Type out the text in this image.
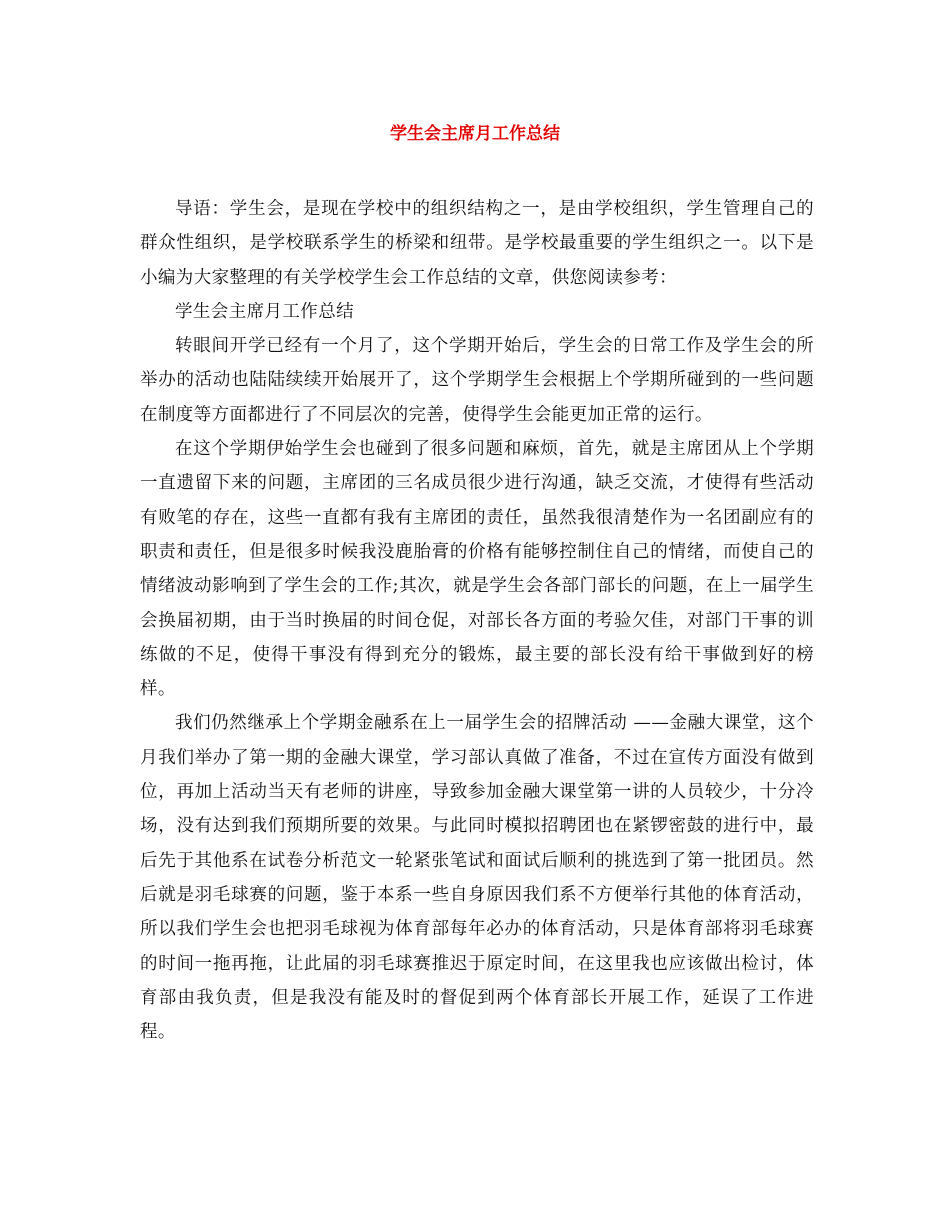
学生会主席月工作总结

导语：学生会，是现在学校中的组织结构之一，是由学校组织，学生管理自己的群众性组织，是学校联系学生的桥梁和纽带。是学校最重要的学生组织之一。以下是小编为大家整理的有关学校学生会工作总结的文章，供您阅读参考：

学生会主席月工作总结

转眼间开学已经有一个月了，这个学期开始后，学生会的日常工作及学生会的所举办的活动也陆陆续续开始展开了，这个学期学生会根据上个学期所碰到的一些问题在制度等方面都进行了不同层次的完善，使得学生会能更加正常的运行。

在这个学期伊始学生会也碰到了很多问题和麻烦，首先，就是主席团从上个学期一直遗留下来的问题，主席团的三名成员很少进行沟通，缺乏交流，才使得有些活动有败笔的存在，这些一直都有我有主席团的责任，虽然我很清楚作为一名团副应有的职责和责任，但是很多时候我没鹿胎膏的价格有能够控制住自己的情绪，而使自己的情绪波动影响到了学生会的工作;其次，就是学生会各部门部长的问题，在上一届学生会换届初期，由于当时换届的时间仓促，对部长各方面的考验欠佳，对部门干事的训练做的不足，使得干事没有得到充分的锻炼，最主要的部长没有给干事做到好的榜样。

我们仍然继承上个学期金融系在上一届学生会的招牌活动 ——金融大课堂，这个月我们举办了第一期的金融大课堂，学习部认真做了准备，不过在宣传方面没有做到位，再加上活动当天有老师的讲座，导致参加金融大课堂第一讲的人员较少，十分冷场，没有达到我们预期所要的效果。与此同时模拟招聘团也在紧锣密鼓的进行中，最后先于其他系在试卷分析范文一轮紧张笔试和面试后顺利的挑选到了第一批团员。然后就是羽毛球赛的问题，鉴于本系一些自身原因我们系不方便举行其他的体育活动，所以我们学生会也把羽毛球视为体育部每年必办的体育活动，只是体育部将羽毛球赛的时间一拖再拖，让此届的羽毛球赛推迟于原定时间，在这里我也应该做出检讨，体育部由我负责，但是我没有能及时的督促到两个体育部长开展工作，延误了工作进程。
